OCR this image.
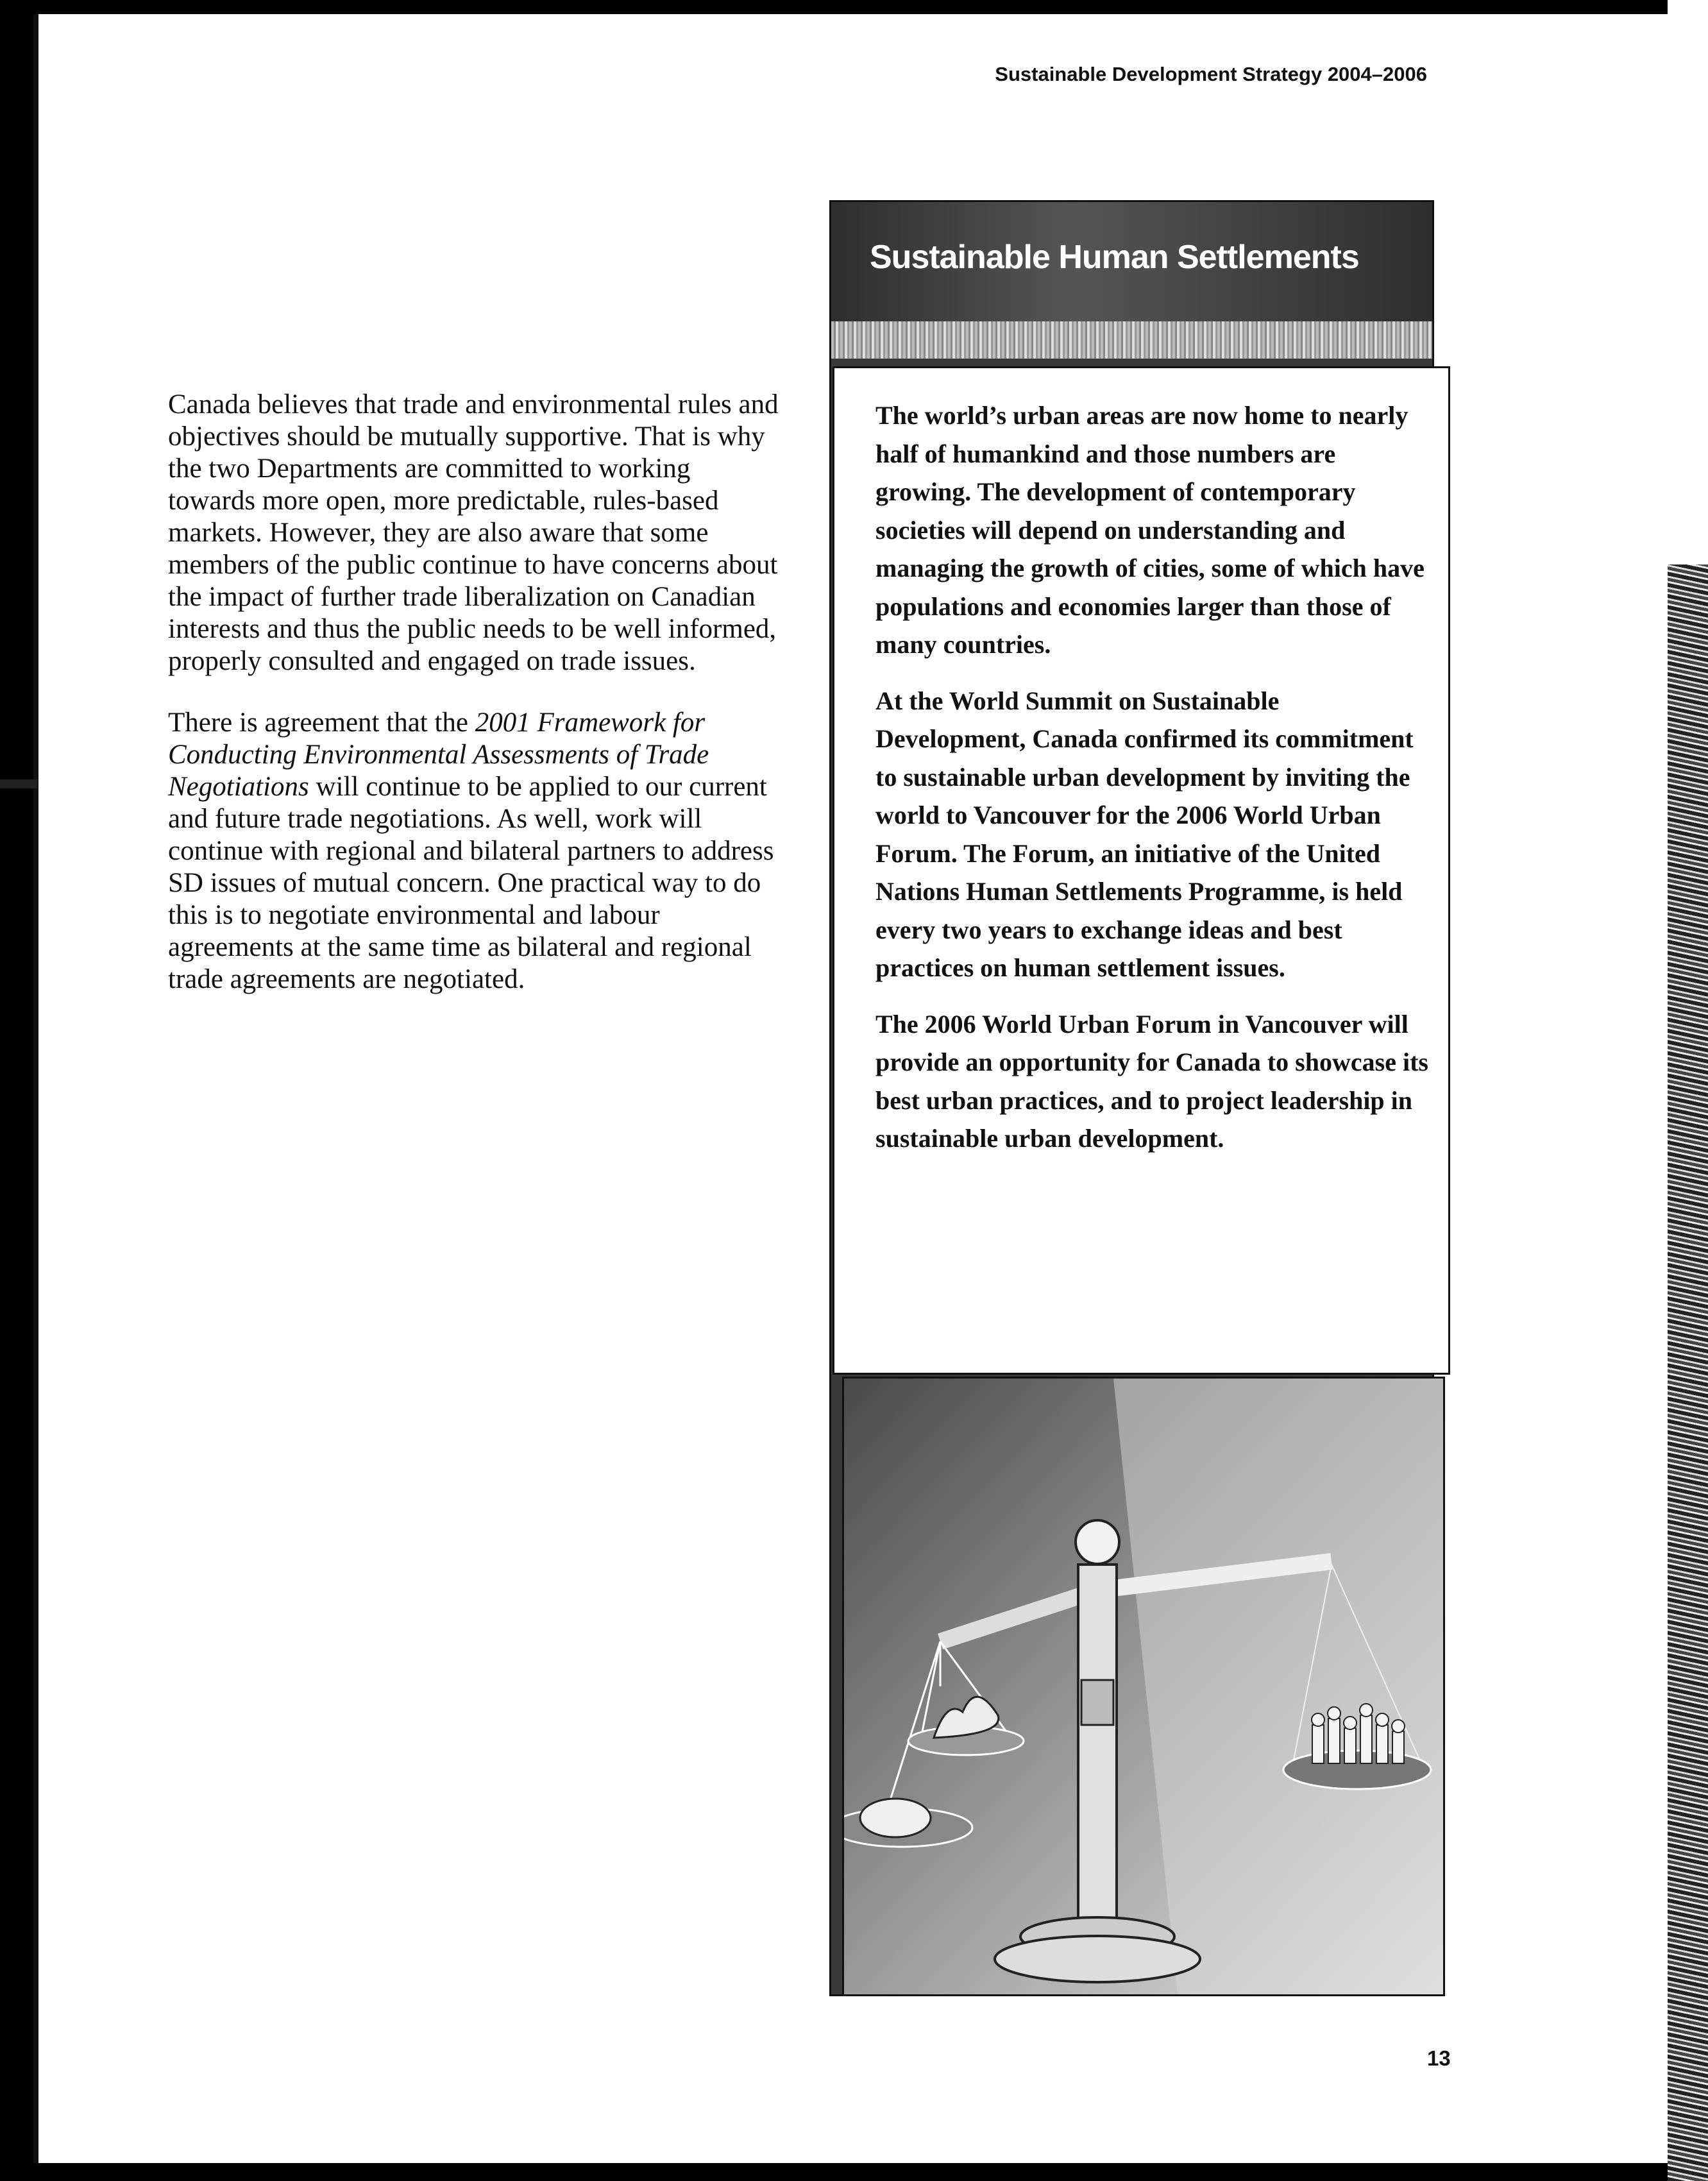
Sustainable Development Strategy 2004–2006

Canada believes that trade and environmental rules and objectives should be mutually supportive. That is why the two Departments are committed to working towards more open, more predictable, rules-based markets. However, they are also aware that some members of the public continue to have concerns about the impact of further trade liberalization on Canadian interests and thus the public needs to be well informed, properly consulted and engaged on trade issues.

There is agreement that the 2001 Framework for Conducting Environmental Assessments of Trade Negotiations will continue to be applied to our current and future trade negotiations. As well, work will continue with regional and bilateral partners to address SD issues of mutual concern. One practical way to do this is to negotiate environmental and labour agreements at the same time as bilateral and regional trade agreements are negotiated.

Sustainable Human Settlements

The world’s urban areas are now home to nearly half of humankind and those numbers are growing. The development of contemporary societies will depend on understanding and managing the growth of cities, some of which have populations and economies larger than those of many countries.

At the World Summit on Sustainable Development, Canada confirmed its commitment to sustainable urban development by inviting the world to Vancouver for the 2006 World Urban Forum. The Forum, an initiative of the United Nations Human Settlements Programme, is held every two years to exchange ideas and best practices on human settlement issues.

The 2006 World Urban Forum in Vancouver will provide an opportunity for Canada to showcase its best urban practices, and to project leadership in sustainable urban development.

13
